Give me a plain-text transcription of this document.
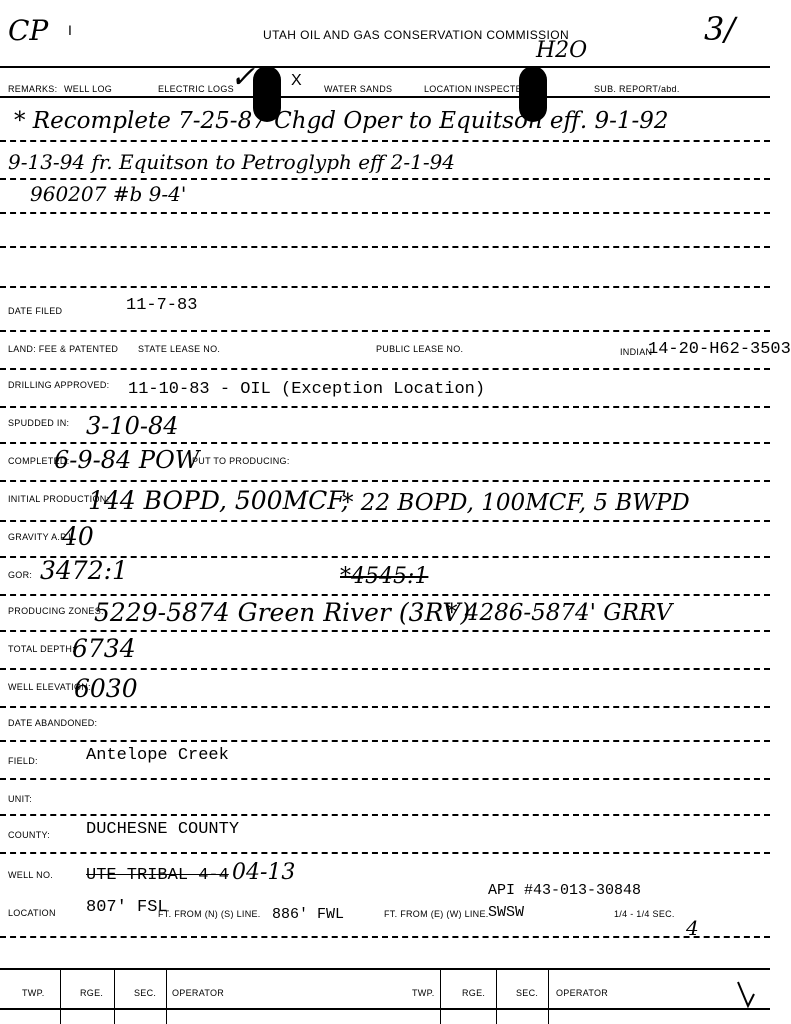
CP I	UTAH OIL AND GAS CONSERVATION COMMISSION	3/
H2O
REMARKS: WELL LOG	ELECTRIC LOGS
✓ X WATER SANDS	LOCATION INSPECTED	SUB. REPORT/abd.
* Recomplete 7-25-87 Chgd Oper to Equitson eff. 9-1-92
9-13-94 fr. Equitson to Petroglyph eff 2-1-94
960207 #b 9-4'
DATE FILED	11-7-83
LAND: FEE & PATENTED STATE LEASE NO.	PUBLIC LEASE NO.	INDIAN
14-20-H62-3503
DRILLING APPROVED: 11-10-83 - OIL (Exception Location)
SPUDDED IN: 3-10-84
COMPLETED:
6-9-84 POW
PUT TO PRODUCING:
INITIAL PRODUCTION:
144 BOPD, 500MCF,
* 22 BOPD, 100MCF, 5 BWPD
GRAVITY A.P.I.
40
GOR: 3472:1	*4545:1
PRODUCING ZONES:
5229-5874 Green River (3RV)
* 4286-5874' GRRV
TOTAL DEPTH:
6734
WELL ELEVATION:
6030
DATE ABANDONED:
FIELD:	Antelope Creek
UNIT:
COUNTY: DUCHESNE COUNTY
WELL NO. UTE TRIBAL 4-4 04-13
API #43-013-30848
LOCATION 807' FSL
FT. FROM (N) (S) LINE. 886' FWL	FT. FROM (E) (W) LINE. SWSW	1/4 - 1/4 SEC.
4
TWP.	RGE.	SEC. OPERATOR	TWP.	RGE.	SEC. OPERATOR
